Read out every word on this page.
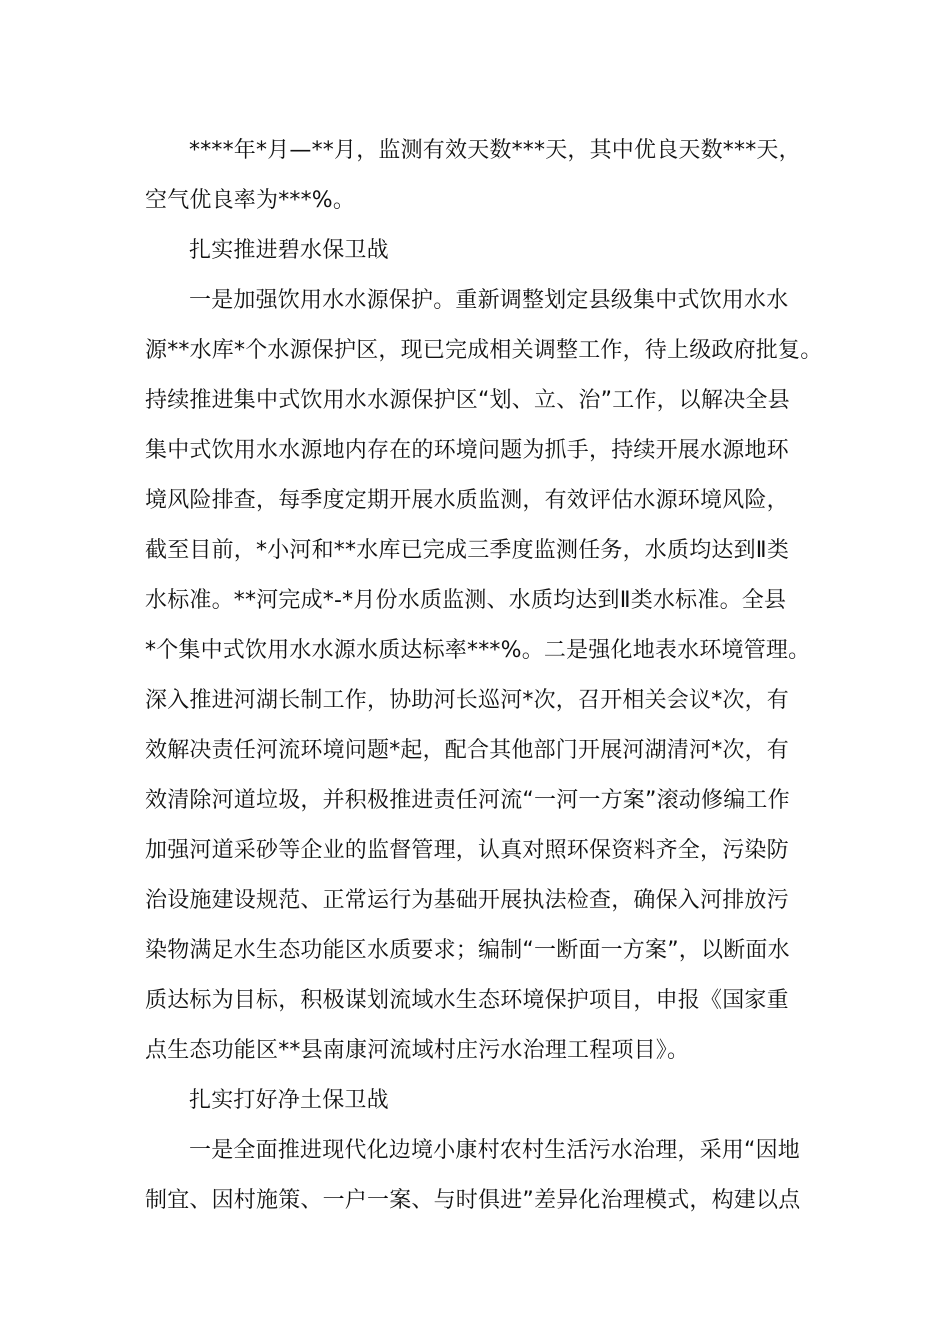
****年*月—**月，监测有效天数***天，其中优良天数***天，
空气优良率为***%。
扎实推进碧水保卫战
一是加强饮用水水源保护。重新调整划定县级集中式饮用水水
源**水库*个水源保护区，现已完成相关调整工作，待上级政府批复。
持续推进集中式饮用水水源保护区“划、立、治”工作，以解决全县
集中式饮用水水源地内存在的环境问题为抓手，持续开展水源地环
境风险排查，每季度定期开展水质监测，有效评估水源环境风险，
截至目前，*小河和**水库已完成三季度监测任务，水质均达到Ⅱ类
水标准。**河完成*-*月份水质监测、水质均达到Ⅱ类水标准。全县
*个集中式饮用水水源水质达标率***%。二是强化地表水环境管理。
深入推进河湖长制工作，协助河长巡河*次，召开相关会议*次，有
效解决责任河流环境问题*起，配合其他部门开展河湖清河*次，有
效清除河道垃圾，并积极推进责任河流“一河一方案”滚动修编工作
加强河道采砂等企业的监督管理，认真对照环保资料齐全，污染防
治设施建设规范、正常运行为基础开展执法检查，确保入河排放污
染物满足水生态功能区水质要求；编制“一断面一方案”，以断面水
质达标为目标，积极谋划流域水生态环境保护项目，申报《国家重
点生态功能区**县南康河流域村庄污水治理工程项目》。
扎实打好净土保卫战
一是全面推进现代化边境小康村农村生活污水治理，采用“因地
制宜、因村施策、一户一案、与时俱进”差异化治理模式，构建以点
